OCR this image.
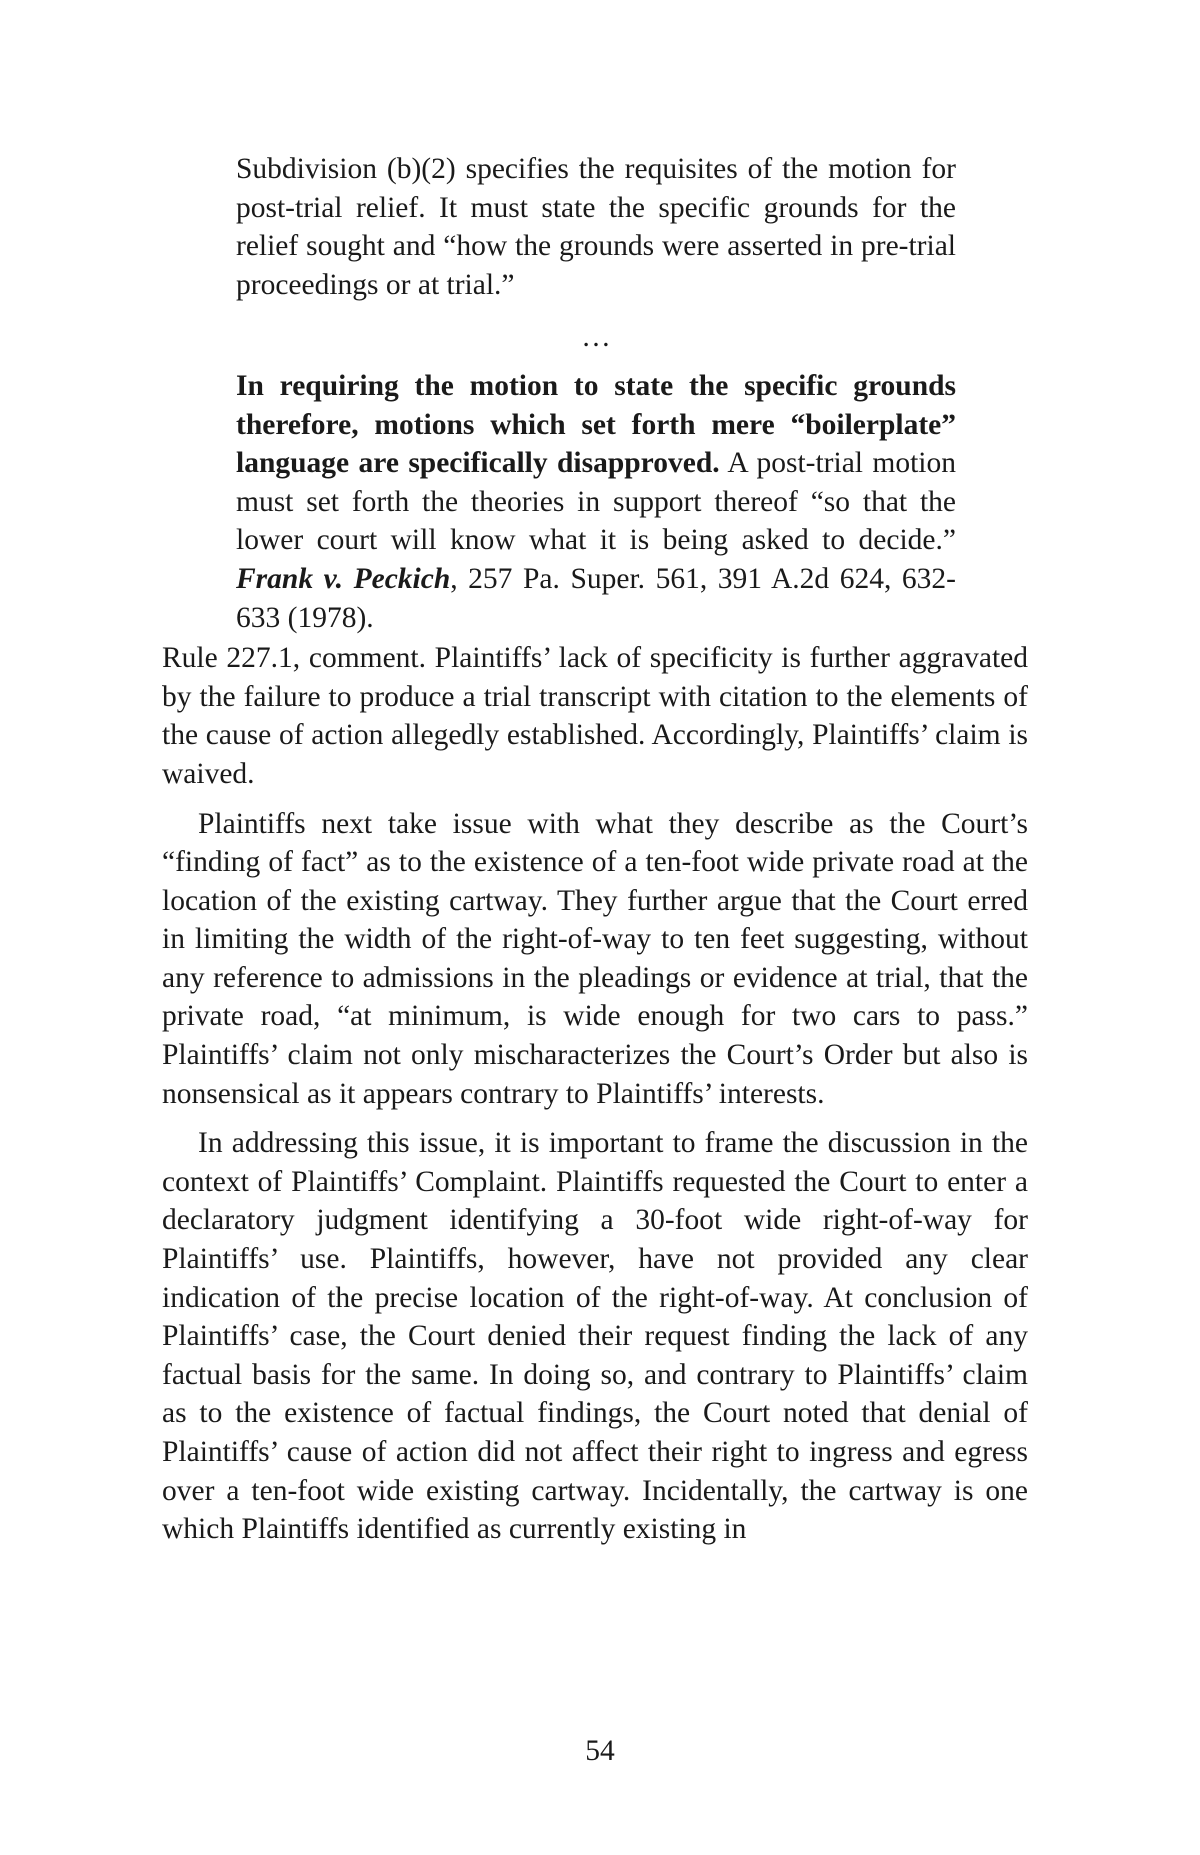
Subdivision (b)(2) specifies the requisites of the motion for post-trial relief. It must state the specific grounds for the relief sought and “how the grounds were asserted in pre-trial proceedings or at trial.”

…

In requiring the motion to state the specific grounds therefore, motions which set forth mere “boilerplate” language are specifically disapproved. A post-trial motion must set forth the theories in support thereof “so that the lower court will know what it is being asked to decide.” Frank v. Peckich, 257 Pa. Super. 561, 391 A.2d 624, 632-633 (1978).

Rule 227.1, comment. Plaintiffs’ lack of specificity is further aggravated by the failure to produce a trial transcript with citation to the elements of the cause of action allegedly established. Accordingly, Plaintiffs’ claim is waived.

Plaintiffs next take issue with what they describe as the Court’s “finding of fact” as to the existence of a ten-foot wide private road at the location of the existing cartway. They further argue that the Court erred in limiting the width of the right-of-way to ten feet suggesting, without any reference to admissions in the pleadings or evidence at trial, that the private road, “at minimum, is wide enough for two cars to pass.” Plaintiffs’ claim not only mischaracterizes the Court’s Order but also is nonsensical as it appears contrary to Plaintiffs’ interests.

In addressing this issue, it is important to frame the discussion in the context of Plaintiffs’ Complaint. Plaintiffs requested the Court to enter a declaratory judgment identifying a 30-foot wide right-of-way for Plaintiffs’ use. Plaintiffs, however, have not provided any clear indication of the precise location of the right-of-way. At conclusion of Plaintiffs’ case, the Court denied their request finding the lack of any factual basis for the same. In doing so, and contrary to Plaintiffs’ claim as to the existence of factual findings, the Court noted that denial of Plaintiffs’ cause of action did not affect their right to ingress and egress over a ten-foot wide existing cartway. Incidentally, the cartway is one which Plaintiffs identified as currently existing in

54
